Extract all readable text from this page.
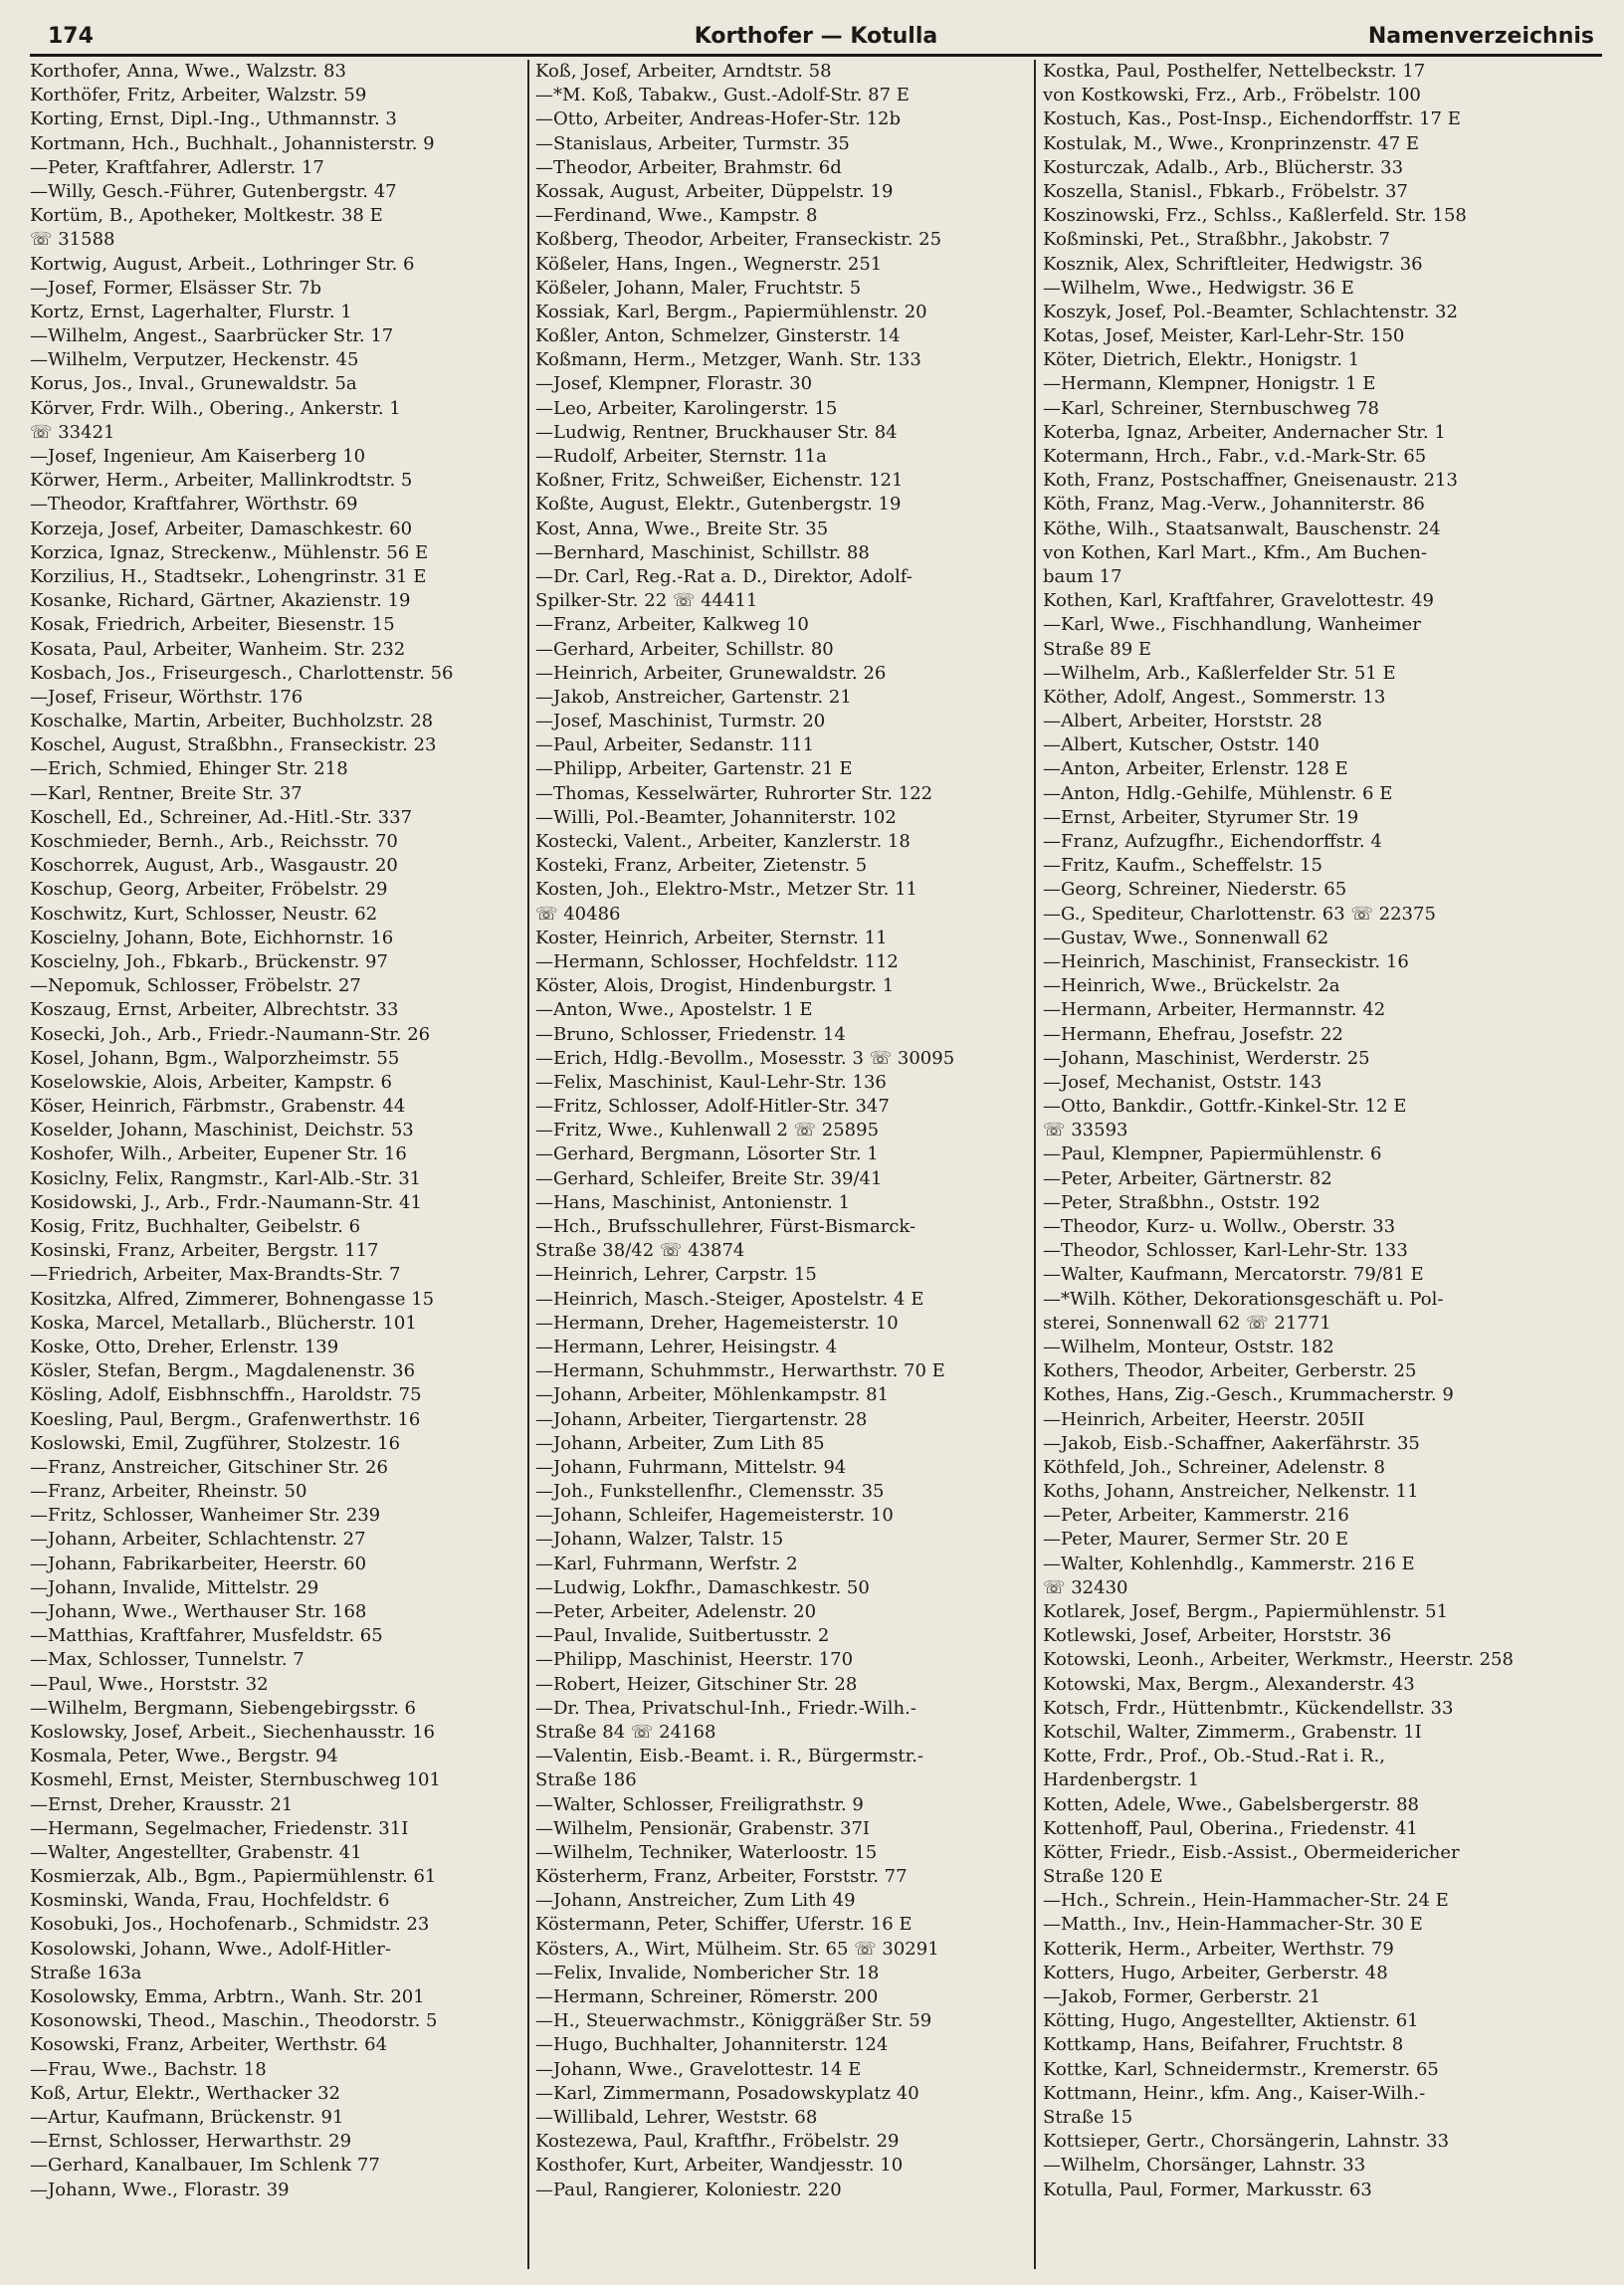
174	Korthofer — Kotulla	Namenverzeichnis
Korthofer, Anna, Wwe., Walzstr. 83
Korthöfer, Fritz, Arbeiter, Walzstr. 59
Korting, Ernst, Dipl.-Ing., Uthmannstr. 3
Kortmann, Hch., Buchhalt., Johannisterstr. 9
—Peter, Kraftfahrer, Adlerstr. 17
—Willy, Gesch.-Führer, Gutenbergstr. 47
Kortüm, B., Apotheker, Moltkestr. 38 E
☏ 31588
Kortwig, August, Arbeit., Lothringer Str. 6
—Josef, Former, Elsässer Str. 7b
Kortz, Ernst, Lagerhalter, Flurstr. 1
—Wilhelm, Angest., Saarbrücker Str. 17
—Wilhelm, Verputzer, Heckenstr. 45
Korus, Jos., Inval., Grunewaldstr. 5a
Körver, Frdr. Wilh., Obering., Ankerstr. 1
☏ 33421
—Josef, Ingenieur, Am Kaiserberg 10
Körwer, Herm., Arbeiter, Mallinkrodtstr. 5
—Theodor, Kraftfahrer, Wörthstr. 69
Korzeja, Josef, Arbeiter, Damaschkestr. 60
Korzica, Ignaz, Streckenw., Mühlenstr. 56 E
Korzilius, H., Stadtsekr., Lohengrinstr. 31 E
Kosanke, Richard, Gärtner, Akazienstr. 19
Kosak, Friedrich, Arbeiter, Biesenstr. 15
Kosata, Paul, Arbeiter, Wanheim. Str. 232
Kosbach, Jos., Friseurgesch., Charlottenstr. 56
—Josef, Friseur, Wörthstr. 176
Koschalke, Martin, Arbeiter, Buchholzstr. 28
Koschel, August, Straßbhn., Franseckistr. 23
—Erich, Schmied, Ehinger Str. 218
—Karl, Rentner, Breite Str. 37
Koschell, Ed., Schreiner, Ad.-Hitl.-Str. 337
Koschmieder, Bernh., Arb., Reichsstr. 70
Koschorrek, August, Arb., Wasgaustr. 20
Koschup, Georg, Arbeiter, Fröbelstr. 29
Koschwitz, Kurt, Schlosser, Neustr. 62
Koscielny, Johann, Bote, Eichhornstr. 16
Koscielny, Joh., Fbkarb., Brückenstr. 97
—Nepomuk, Schlosser, Fröbelstr. 27
Koszaug, Ernst, Arbeiter, Albrechtstr. 33
Kosecki, Joh., Arb., Friedr.-Naumann-Str. 26
Kosel, Johann, Bgm., Walporzheimstr. 55
Koselowskie, Alois, Arbeiter, Kampstr. 6
Köser, Heinrich, Färbmstr., Grabenstr. 44
Koselder, Johann, Maschinist, Deichstr. 53
Koshofer, Wilh., Arbeiter, Eupener Str. 16
Kosiclny, Felix, Rangmstr., Karl-Alb.-Str. 31
Kosidowski, J., Arb., Frdr.-Naumann-Str. 41
Kosig, Fritz, Buchhalter, Geibelstr. 6
Kosinski, Franz, Arbeiter, Bergstr. 117
—Friedrich, Arbeiter, Max-Brandts-Str. 7
Kositzka, Alfred, Zimmerer, Bohnengasse 15
Koska, Marcel, Metallarb., Blücherstr. 101
Koske, Otto, Dreher, Erlenstr. 139
Kösler, Stefan, Bergm., Magdalenenstr. 36
Kösling, Adolf, Eisbhnschffn., Haroldstr. 75
Koesling, Paul, Bergm., Grafenwerthstr. 16
Koslowski, Emil, Zugführer, Stolzestr. 16
—Franz, Anstreicher, Gitschiner Str. 26
—Franz, Arbeiter, Rheinstr. 50
—Fritz, Schlosser, Wanheimer Str. 239
—Johann, Arbeiter, Schlachtenstr. 27
—Johann, Fabrikarbeiter, Heerstr. 60
—Johann, Invalide, Mittelstr. 29
—Johann, Wwe., Werthauser Str. 168
—Matthias, Kraftfahrer, Musfeldstr. 65
—Max, Schlosser, Tunnelstr. 7
—Paul, Wwe., Horststr. 32
—Wilhelm, Bergmann, Siebengebirgsstr. 6
Koslowsky, Josef, Arbeit., Siechenhausstr. 16
Kosmala, Peter, Wwe., Bergstr. 94
Kosmehl, Ernst, Meister, Sternbuschweg 101
—Ernst, Dreher, Krausstr. 21
—Hermann, Segelmacher, Friedenstr. 31I
—Walter, Angestellter, Grabenstr. 41
Kosmierzak, Alb., Bgm., Papiermühlenstr. 61
Kosminski, Wanda, Frau, Hochfeldstr. 6
Kosobuki, Jos., Hochofenarb., Schmidstr. 23
Kosolowski, Johann, Wwe., Adolf-Hitler-
Straße 163a
Kosolowsky, Emma, Arbtrn., Wanh. Str. 201
Kosonowski, Theod., Maschin., Theodorstr. 5
Kosowski, Franz, Arbeiter, Werthstr. 64
—Frau, Wwe., Bachstr. 18
Koß, Artur, Elektr., Werthacker 32
—Artur, Kaufmann, Brückenstr. 91
—Ernst, Schlosser, Herwarthstr. 29
—Gerhard, Kanalbauer, Im Schlenk 77
—Johann, Wwe., Florastr. 39
Koß, Josef, Arbeiter, Arndtstr. 58
—*M. Koß, Tabakw., Gust.-Adolf-Str. 87 E
—Otto, Arbeiter, Andreas-Hofer-Str. 12b
—Stanislaus, Arbeiter, Turmstr. 35
—Theodor, Arbeiter, Brahmstr. 6d
Kossak, August, Arbeiter, Düppelstr. 19
—Ferdinand, Wwe., Kampstr. 8
Koßberg, Theodor, Arbeiter, Franseckistr. 25
Kößeler, Hans, Ingen., Wegnerstr. 251
Kößeler, Johann, Maler, Fruchtstr. 5
Kossiak, Karl, Bergm., Papiermühlenstr. 20
Koßler, Anton, Schmelzer, Ginsterstr. 14
Koßmann, Herm., Metzger, Wanh. Str. 133
—Josef, Klempner, Florastr. 30
—Leo, Arbeiter, Karolingerstr. 15
—Ludwig, Rentner, Bruckhauser Str. 84
—Rudolf, Arbeiter, Sternstr. 11a
Koßner, Fritz, Schweißer, Eichenstr. 121
Koßte, August, Elektr., Gutenbergstr. 19
Kost, Anna, Wwe., Breite Str. 35
—Bernhard, Maschinist, Schillstr. 88
—Dr. Carl, Reg.-Rat a. D., Direktor, Adolf-
Spilker-Str. 22 ☏ 44411
—Franz, Arbeiter, Kalkweg 10
—Gerhard, Arbeiter, Schillstr. 80
—Heinrich, Arbeiter, Grunewaldstr. 26
—Jakob, Anstreicher, Gartenstr. 21
—Josef, Maschinist, Turmstr. 20
—Paul, Arbeiter, Sedanstr. 111
—Philipp, Arbeiter, Gartenstr. 21 E
—Thomas, Kesselwärter, Ruhrorter Str. 122
—Willi, Pol.-Beamter, Johanniterstr. 102
Kostecki, Valent., Arbeiter, Kanzlerstr. 18
Kosteki, Franz, Arbeiter, Zietenstr. 5
Kosten, Joh., Elektro-Mstr., Metzer Str. 11
☏ 40486
Koster, Heinrich, Arbeiter, Sternstr. 11
—Hermann, Schlosser, Hochfeldstr. 112
Köster, Alois, Drogist, Hindenburgstr. 1
—Anton, Wwe., Apostelstr. 1 E
—Bruno, Schlosser, Friedenstr. 14
—Erich, Hdlg.-Bevollm., Mosesstr. 3 ☏ 30095
—Felix, Maschinist, Kaul-Lehr-Str. 136
—Fritz, Schlosser, Adolf-Hitler-Str. 347
—Fritz, Wwe., Kuhlenwall 2 ☏ 25895
—Gerhard, Bergmann, Lösorter Str. 1
—Gerhard, Schleifer, Breite Str. 39/41
—Hans, Maschinist, Antonienstr. 1
—Hch., Brufsschullehrer, Fürst-Bismarck-
Straße 38/42 ☏ 43874
—Heinrich, Lehrer, Carpstr. 15
—Heinrich, Masch.-Steiger, Apostelstr. 4 E
—Hermann, Dreher, Hagemeisterstr. 10
—Hermann, Lehrer, Heisingstr. 4
—Hermann, Schuhmmstr., Herwarthstr. 70 E
—Johann, Arbeiter, Möhlenkampstr. 81
—Johann, Arbeiter, Tiergartenstr. 28
—Johann, Arbeiter, Zum Lith 85
—Johann, Fuhrmann, Mittelstr. 94
—Joh., Funkstellenfhr., Clemensstr. 35
—Johann, Schleifer, Hagemeisterstr. 10
—Johann, Walzer, Talstr. 15
—Karl, Fuhrmann, Werfstr. 2
—Ludwig, Lokfhr., Damaschkestr. 50
—Peter, Arbeiter, Adelenstr. 20
—Paul, Invalide, Suitbertusstr. 2
—Philipp, Maschinist, Heerstr. 170
—Robert, Heizer, Gitschiner Str. 28
—Dr. Thea, Privatschul-Inh., Friedr.-Wilh.-
Straße 84 ☏ 24168
—Valentin, Eisb.-Beamt. i. R., Bürgermstr.-
Straße 186
—Walter, Schlosser, Freiligrathstr. 9
—Wilhelm, Pensionär, Grabenstr. 37I
—Wilhelm, Techniker, Waterloostr. 15
Kösterherm, Franz, Arbeiter, Forststr. 77
—Johann, Anstreicher, Zum Lith 49
Köstermann, Peter, Schiffer, Uferstr. 16 E
Kösters, A., Wirt, Mülheim. Str. 65 ☏ 30291
—Felix, Invalide, Nombericher Str. 18
—Hermann, Schreiner, Römerstr. 200
—H., Steuerwachmstr., Königgräßer Str. 59
—Hugo, Buchhalter, Johanniterstr. 124
—Johann, Wwe., Gravelottestr. 14 E
—Karl, Zimmermann, Posadowskyplatz 40
—Willibald, Lehrer, Weststr. 68
Kostezewa, Paul, Kraftfhr., Fröbelstr. 29
Kosthofer, Kurt, Arbeiter, Wandjesstr. 10
—Paul, Rangierer, Koloniestr. 220
Kostka, Paul, Posthelfer, Nettelbeckstr. 17
von Kostkowski, Frz., Arb., Fröbelstr. 100
Kostuch, Kas., Post-Insp., Eichendorffstr. 17 E
Kostulak, M., Wwe., Kronprinzenstr. 47 E
Kosturczak, Adalb., Arb., Blücherstr. 33
Koszella, Stanisl., Fbkarb., Fröbelstr. 37
Koszinowski, Frz., Schlss., Kaßlerfeld. Str. 158
Koßminski, Pet., Straßbhr., Jakobstr. 7
Kosznik, Alex, Schriftleiter, Hedwigstr. 36
—Wilhelm, Wwe., Hedwigstr. 36 E
Koszyk, Josef, Pol.-Beamter, Schlachtenstr. 32
Kotas, Josef, Meister, Karl-Lehr-Str. 150
Köter, Dietrich, Elektr., Honigstr. 1
—Hermann, Klempner, Honigstr. 1 E
—Karl, Schreiner, Sternbuschweg 78
Koterba, Ignaz, Arbeiter, Andernacher Str. 1
Kotermann, Hrch., Fabr., v.d.-Mark-Str. 65
Koth, Franz, Postschaffner, Gneisenaustr. 213
Köth, Franz, Mag.-Verw., Johanniterstr. 86
Köthe, Wilh., Staatsanwalt, Bauschenstr. 24
von Kothen, Karl Mart., Kfm., Am Buchen-
baum 17
Kothen, Karl, Kraftfahrer, Gravelottestr. 49
—Karl, Wwe., Fischhandlung, Wanheimer
Straße 89 E
—Wilhelm, Arb., Kaßlerfelder Str. 51 E
Köther, Adolf, Angest., Sommerstr. 13
—Albert, Arbeiter, Horststr. 28
—Albert, Kutscher, Oststr. 140
—Anton, Arbeiter, Erlenstr. 128 E
—Anton, Hdlg.-Gehilfe, Mühlenstr. 6 E
—Ernst, Arbeiter, Styrumer Str. 19
—Franz, Aufzugfhr., Eichendorffstr. 4
—Fritz, Kaufm., Scheffelstr. 15
—Georg, Schreiner, Niederstr. 65
—G., Spediteur, Charlottenstr. 63 ☏ 22375
—Gustav, Wwe., Sonnenwall 62
—Heinrich, Maschinist, Franseckistr. 16
—Heinrich, Wwe., Brückelstr. 2a
—Hermann, Arbeiter, Hermannstr. 42
—Hermann, Ehefrau, Josefstr. 22
—Johann, Maschinist, Werderstr. 25
—Josef, Mechanist, Oststr. 143
—Otto, Bankdir., Gottfr.-Kinkel-Str. 12 E
☏ 33593
—Paul, Klempner, Papiermühlenstr. 6
—Peter, Arbeiter, Gärtnerstr. 82
—Peter, Straßbhn., Oststr. 192
—Theodor, Kurz- u. Wollw., Oberstr. 33
—Theodor, Schlosser, Karl-Lehr-Str. 133
—Walter, Kaufmann, Mercatorstr. 79/81 E
—*Wilh. Köther, Dekorationsgeschäft u. Pol-
sterei, Sonnenwall 62 ☏ 21771
—Wilhelm, Monteur, Oststr. 182
Kothers, Theodor, Arbeiter, Gerberstr. 25
Kothes, Hans, Zig.-Gesch., Krummacherstr. 9
—Heinrich, Arbeiter, Heerstr. 205II
—Jakob, Eisb.-Schaffner, Aakerfährstr. 35
Köthfeld, Joh., Schreiner, Adelenstr. 8
Koths, Johann, Anstreicher, Nelkenstr. 11
—Peter, Arbeiter, Kammerstr. 216
—Peter, Maurer, Sermer Str. 20 E
—Walter, Kohlenhdlg., Kammerstr. 216 E
☏ 32430
Kotlarek, Josef, Bergm., Papiermühlenstr. 51
Kotlewski, Josef, Arbeiter, Horststr. 36
Kotowski, Leonh., Arbeiter, Werkmstr., Heerstr. 258
Kotowski, Max, Bergm., Alexanderstr. 43
Kotsch, Frdr., Hüttenbmtr., Kückendellstr. 33
Kotschil, Walter, Zimmerm., Grabenstr. 1I
Kotte, Frdr., Prof., Ob.-Stud.-Rat i. R.,
Hardenbergstr. 1
Kotten, Adele, Wwe., Gabelsbergerstr. 88
Kottenhoff, Paul, Oberina., Friedenstr. 41
Kötter, Friedr., Eisb.-Assist., Obermeidericher
Straße 120 E
—Hch., Schrein., Hein-Hammacher-Str. 24 E
—Matth., Inv., Hein-Hammacher-Str. 30 E
Kotterik, Herm., Arbeiter, Werthstr. 79
Kotters, Hugo, Arbeiter, Gerberstr. 48
—Jakob, Former, Gerberstr. 21
Kötting, Hugo, Angestellter, Aktienstr. 61
Kottkamp, Hans, Beifahrer, Fruchtstr. 8
Kottke, Karl, Schneidermstr., Kremerstr. 65
Kottmann, Heinr., kfm. Ang., Kaiser-Wilh.-
Straße 15
Kottsieper, Gertr., Chorsängerin, Lahnstr. 33
—Wilhelm, Chorsänger, Lahnstr. 33
Kotulla, Paul, Former, Markusstr. 63
